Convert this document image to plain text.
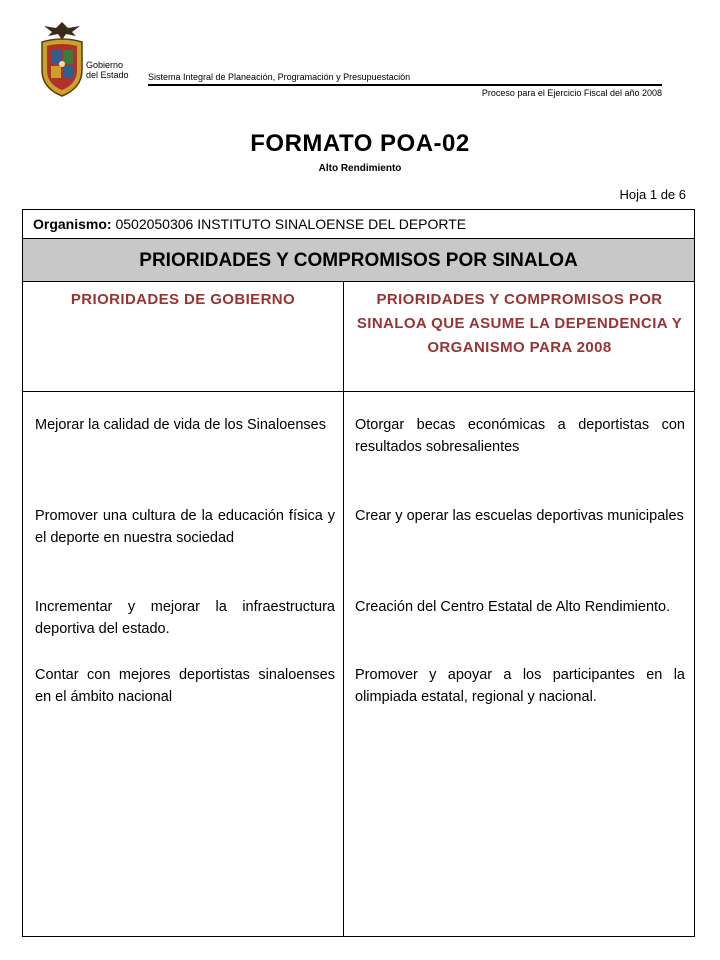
Gobierno
del Estado Sistema Integral de Planeación, Programación y Presupuestación
Proceso para el Ejercicio Fiscal del año 2008
FORMATO POA-02
Alto Rendimiento
Hoja 1 de 6
Organismo: 0502050306 INSTITUTO SINALOENSE DEL DEPORTE
PRIORIDADES Y COMPROMISOS POR SINALOA
PRIORIDADES DE GOBIERNO	PRIORIDADES Y COMPROMISOS POR SINALOA QUE ASUME LA DEPENDENCIA Y ORGANISMO PARA 2008
Mejorar la calidad de vida de los Sinaloenses	Otorgar becas económicas a deportistas con resultados sobresalientes
Promover una cultura de la educación física y el deporte en nuestra sociedad
Crear y operar las escuelas deportivas municipales
Incrementar y mejorar la infraestructura deportiva del estado.
Creación del Centro Estatal de Alto Rendimiento.
Contar con mejores deportistas sinaloenses en el ámbito nacional
Promover y apoyar a los participantes en la olimpiada estatal, regional y nacional.
